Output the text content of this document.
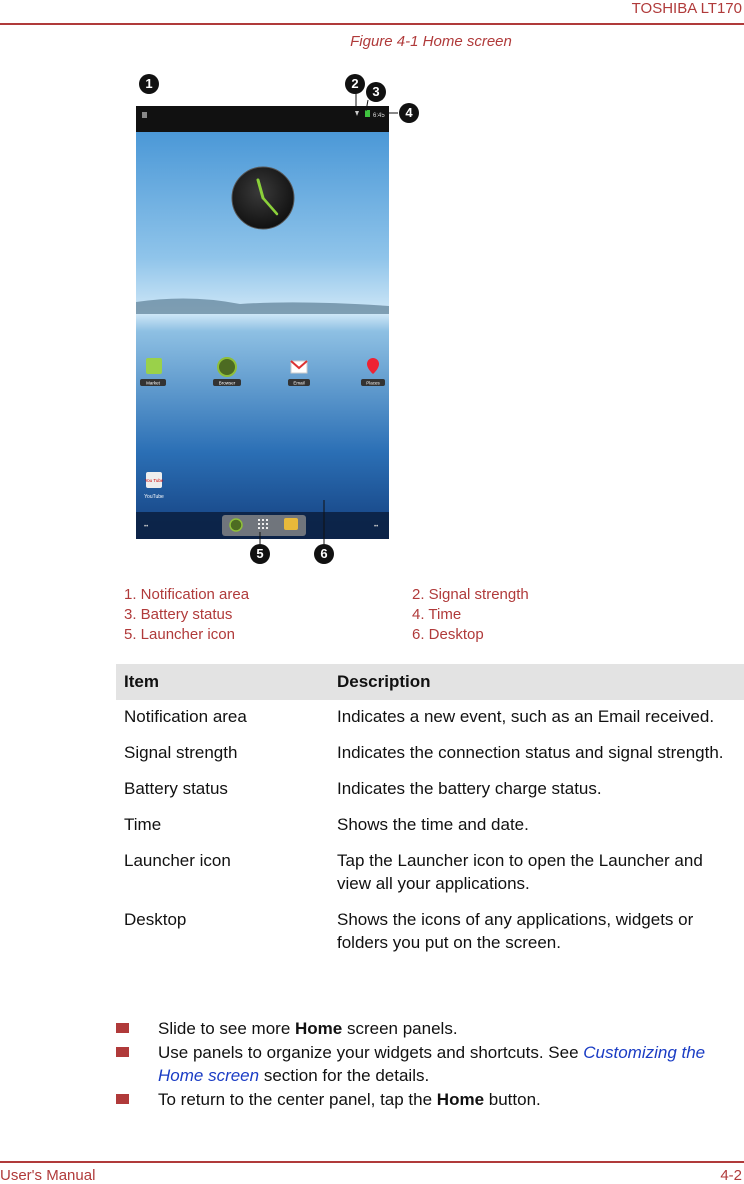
TOSHIBA LT170
Figure 4-1 Home screen
6:45
Market	Browser	Email	Places
You Tube
YouTube
••	••
1	2
3
4
5	6
1. Notification area
3. Battery status
5. Launcher icon
2. Signal strength
4. Time
6. Desktop
Item	Description
Notification area	Indicates a new event, such as an Email received.
Signal strength	Indicates the connection status and signal strength.
Battery status	Indicates the battery charge status.
Time	Shows the time and date.
Launcher icon	Tap the Launcher icon to open the Launcher and view all your applications.
Desktop	Shows the icons of any applications, widgets or folders you put on the screen.
Slide to see more Home screen panels.
Use panels to organize your widgets and shortcuts. See Customizing the Home screen section for the details.
To return to the center panel, tap the Home button.
User's Manual	4-2
